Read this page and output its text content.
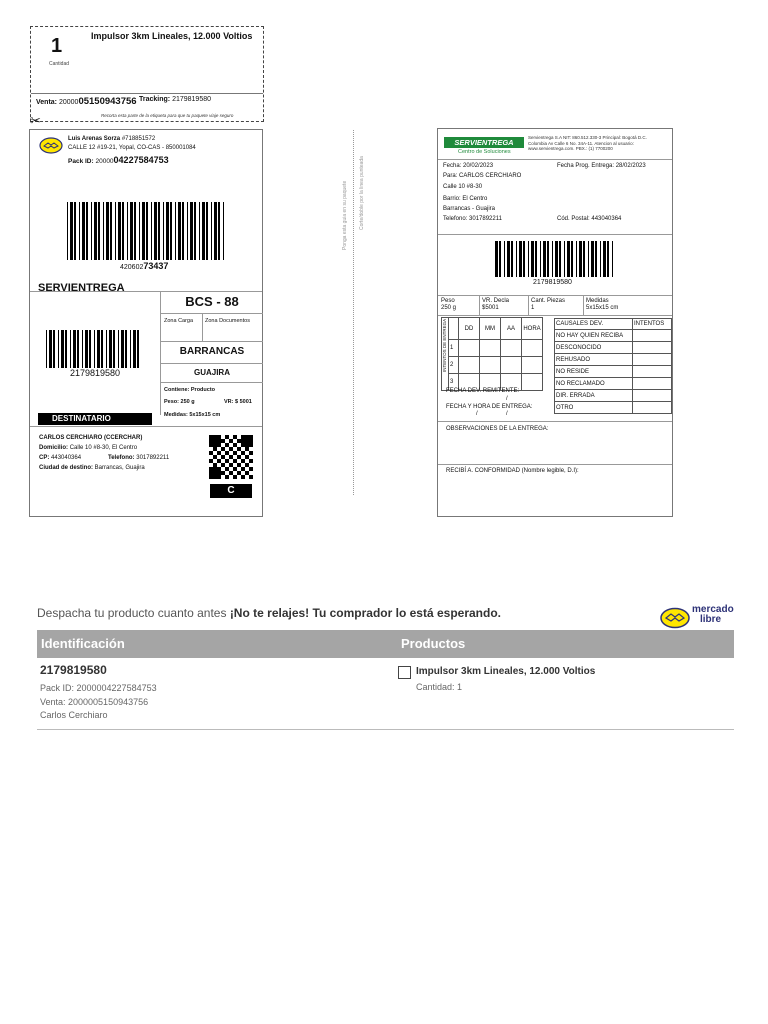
1
Cantidad
Impulsor 3km Lineales, 12.000 Voltios
Venta: 2000005150943756 Tracking: 2179819580
Recorta esta parte de la etiqueta para que tu paquete viaje seguro
✂
Luis Arenas Sorza #718851572
CALLE 12 #19-21, Yopal, CO-CAS - 850001084
Pack ID: 2000004227584753
42060273437
SERVIENTREGA
BCS - 88
Zona Carga Zona Documentos
BARRANCAS
GUAJIRA
Contiene: Producto
Peso: 250 g	VR: $ 5001
Medidas: 5x15x15 cm
2179819580
DESTINATARIO
CARLOS CERCHIARO (CCERCHAR)
Domicilio: Calle 10 #8-30, El Centro
CP: 443040364	Telefono: 3017892211
Ciudad de destino: Barrancas, Guajira
C
Ponga esta guia en su paquete Corte/doble por la linea punteada
SERVIENTREGA
Centro de Soluciones
Servientrega S.A NIT: 860.512.330-3 Principal: Bogotá D.C.
Colombia Av Calle 6 No. 34A-11. Atencion al usuario:
www.servientrega.com. PBX.: (1) 7700200
Fecha: 20/02/2023	Fecha Prog. Entrega: 28/02/2023
Para: CARLOS CERCHIARO
Calle 10 #8-30
Barrio: El Centro
Barrancas - Guajira
Telefono: 3017892211	Cód. Postal: 443040364
2179819580
Peso
250 g
VR. Decla
$5001
Cant. Piezas
1
Medidas
5x15x15 cm
INTENTOS DE ENTREGA		DD	MM	AA	HORA
	1				
	2				
	3				
CAUSALES DEV.	INTENTOS
NO HAY QUIEN RECIBA	
DESCONOCIDO	
REHUSADO	
NO RESIDE	
NO RECLAMADO	
DIR. ERRADA	
OTRO	
FECHA DEV. REMITENTE:
/
FECHA Y HORA DE ENTREGA:
/	/
OBSERVACIONES DE LA ENTREGA:
RECIBÍ A. CONFORMIDAD (Nombre legible, D.I):
Despacha tu producto cuanto antes ¡No te relajes! Tu comprador lo está esperando.	mercado
libre
Identificación	Productos
2179819580
Pack ID: 2000004227584753
Venta: 2000005150943756
Carlos Cerchiaro
Impulsor 3km Lineales, 12.000 Voltios
Cantidad: 1
